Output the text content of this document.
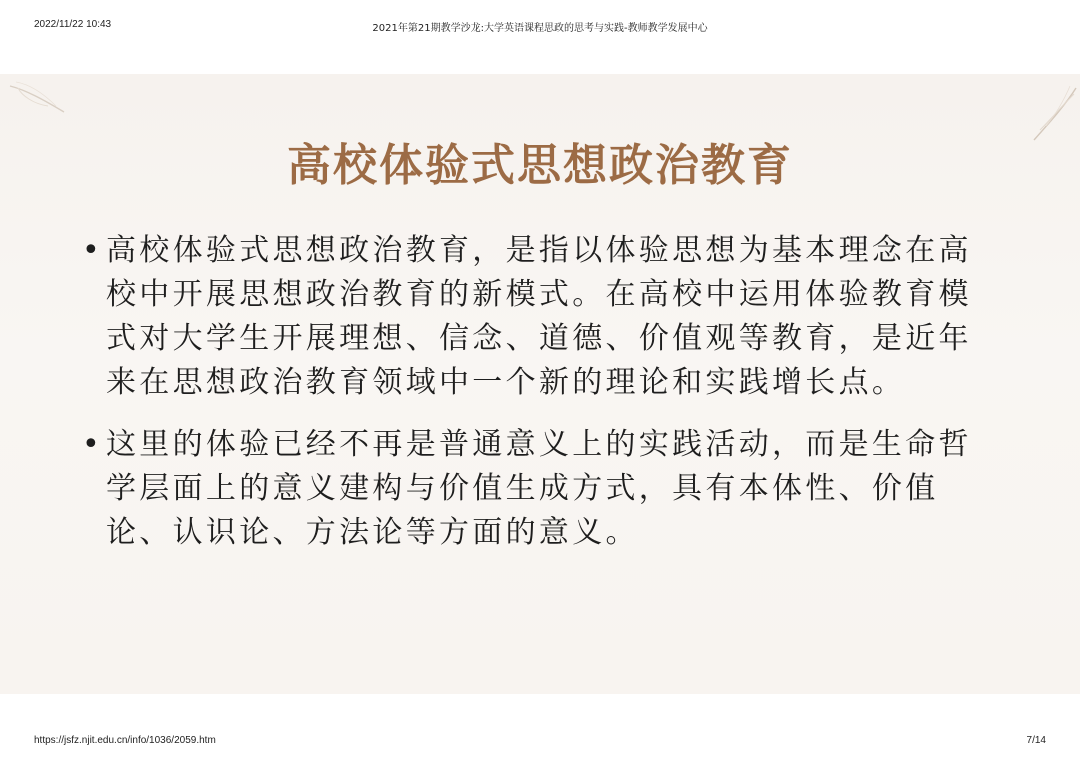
2022/11/22 10:43	2021年第21期教学沙龙:大学英语课程思政的思考与实践-教师教学发展中心
高校体验式思想政治教育
• 高校体验式思想政治教育，是指以体验思想为基本理念在高校中开展思想政治教育的新模式。在高校中运用体验教育模式对大学生开展理想、信念、道德、价值观等教育，是近年来在思想政治教育领域中一个新的理论和实践增长点。
• 这里的体验已经不再是普通意义上的实践活动，而是生命哲学层面上的意义建构与价值生成方式，具有本体性、价值论、认识论、方法论等方面的意义。
https://jsfz.njit.edu.cn/info/1036/2059.htm	7/14
